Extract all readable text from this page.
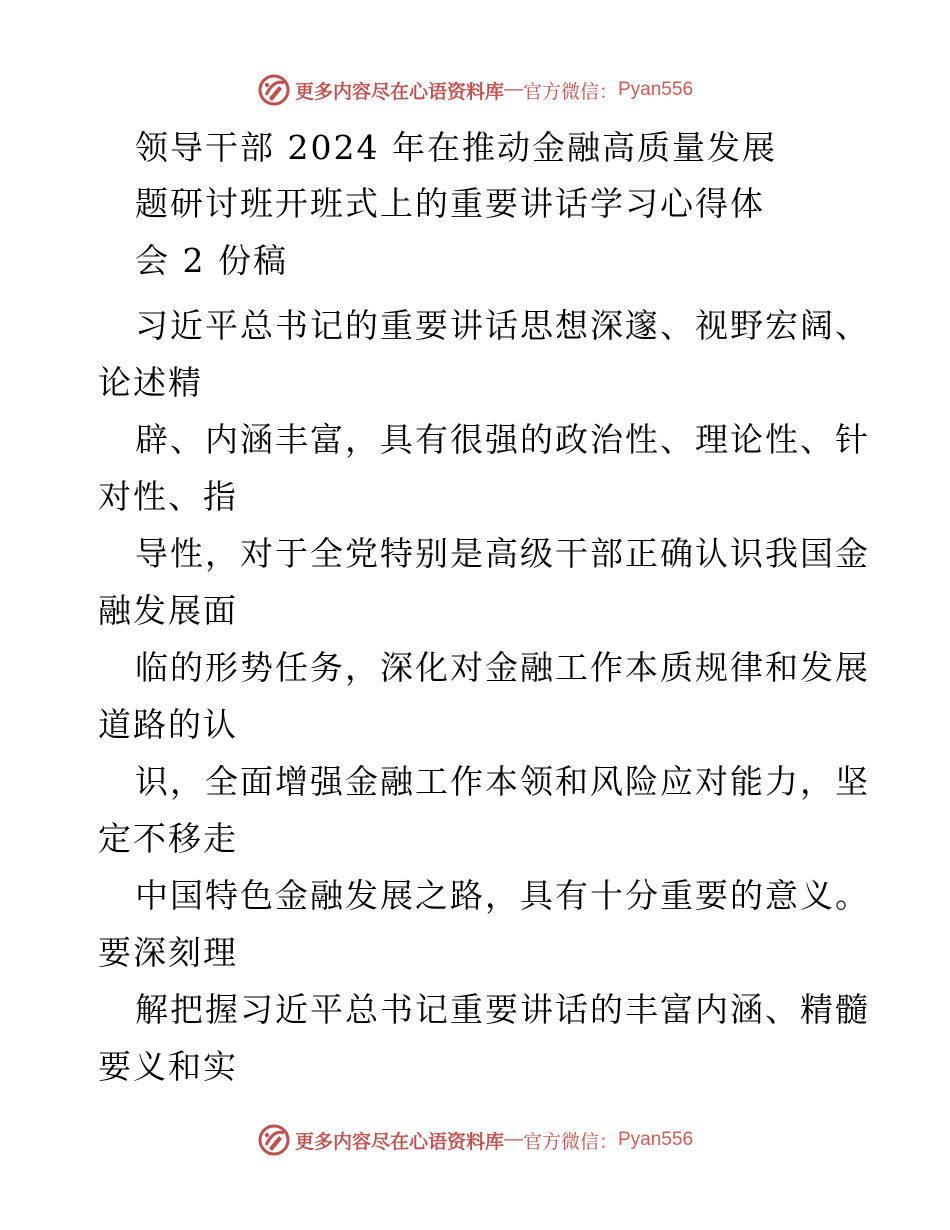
更多内容尽在心语资料库 — 官方微信： Pyan556
领导干部 2024 年在推动金融高质量发展
题研讨班开班式上的重要讲话学习心得体
会 2 份稿
习近平总书记的重要讲话思想深邃、视野宏阔、
论述精
辟、内涵丰富，具有很强的政治性、理论性、针
对性、指
导性，对于全党特别是高级干部正确认识我国金
融发展面
临的形势任务，深化对金融工作本质规律和发展
道路的认
识，全面增强金融工作本领和风险应对能力，坚
定不移走
中国特色金融发展之路，具有十分重要的意义。
要深刻理
解把握习近平总书记重要讲话的丰富内涵、精髓
要义和实
更多内容尽在心语资料库 — 官方微信： Pyan556
